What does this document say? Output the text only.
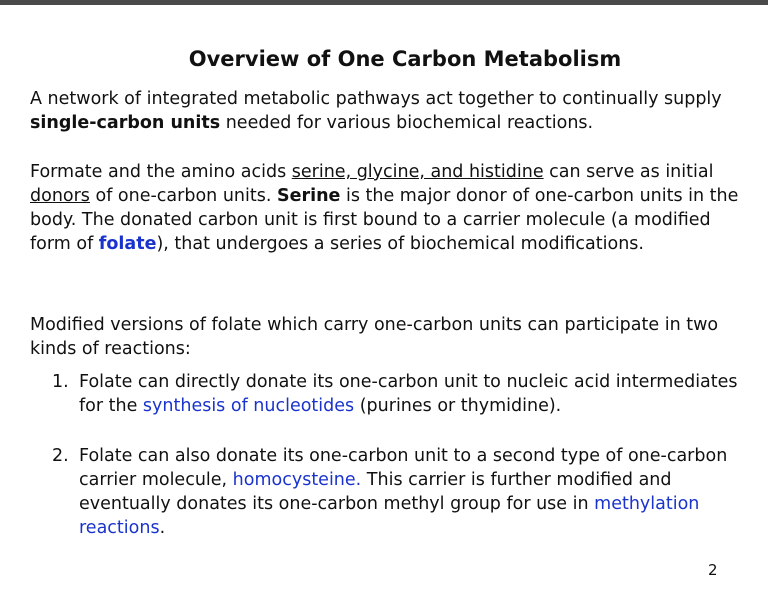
Overview of One Carbon Metabolism

A network of integrated metabolic pathways act together to continually supply single-carbon units needed for various biochemical reactions.

Formate and the amino acids serine, glycine, and histidine can serve as initial donors of one-carbon units. Serine is the major donor of one-carbon units in the body. The donated carbon unit is first bound to a carrier molecule (a modified form of folate), that undergoes a series of biochemical modifications.

Modified versions of folate which carry one-carbon units can participate in two kinds of reactions:

1. Folate can directly donate its one-carbon unit to nucleic acid intermediates for the synthesis of nucleotides (purines or thymidine).
2. Folate can also donate its one-carbon unit to a second type of one-carbon carrier molecule, homocysteine. This carrier is further modified and eventually donates its one-carbon methyl group for use in methylation reactions.
2
